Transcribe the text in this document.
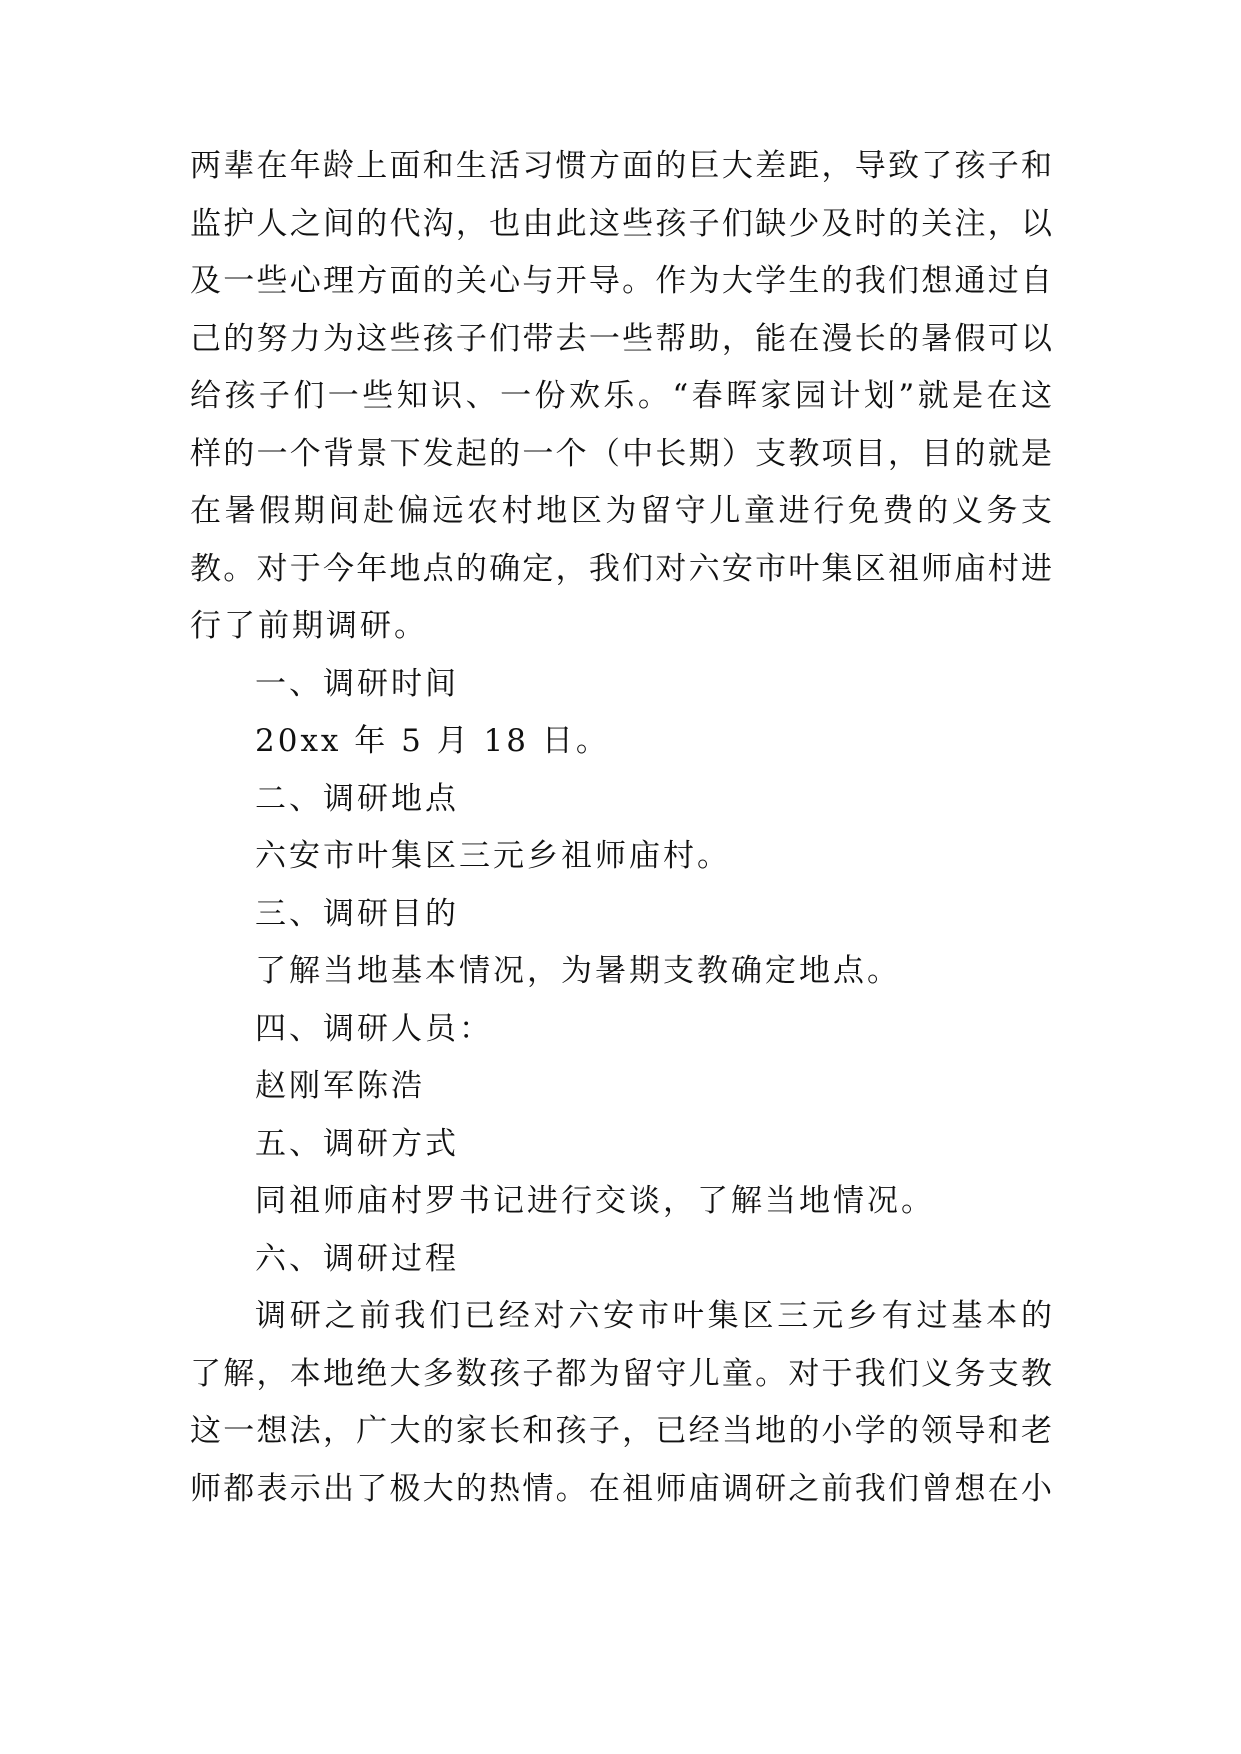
两辈在年龄上面和生活习惯方面的巨大差距，导致了孩子和
监护人之间的代沟，也由此这些孩子们缺少及时的关注，以
及一些心理方面的关心与开导。作为大学生的我们想通过自
己的努力为这些孩子们带去一些帮助，能在漫长的暑假可以
给孩子们一些知识、一份欢乐。“春晖家园计划”就是在这
样的一个背景下发起的一个（中长期）支教项目，目的就是
在暑假期间赴偏远农村地区为留守儿童进行免费的义务支
教。对于今年地点的确定，我们对六安市叶集区祖师庙村进
行了前期调研。
一、调研时间
20xx 年 5 月 18 日。
二、调研地点
六安市叶集区三元乡祖师庙村。
三、调研目的
了解当地基本情况，为暑期支教确定地点。
四、调研人员：
赵刚军陈浩
五、调研方式
同祖师庙村罗书记进行交谈，了解当地情况。
六、调研过程
调研之前我们已经对六安市叶集区三元乡有过基本的
了解，本地绝大多数孩子都为留守儿童。对于我们义务支教
这一想法，广大的家长和孩子，已经当地的小学的领导和老
师都表示出了极大的热情。在祖师庙调研之前我们曾想在小
